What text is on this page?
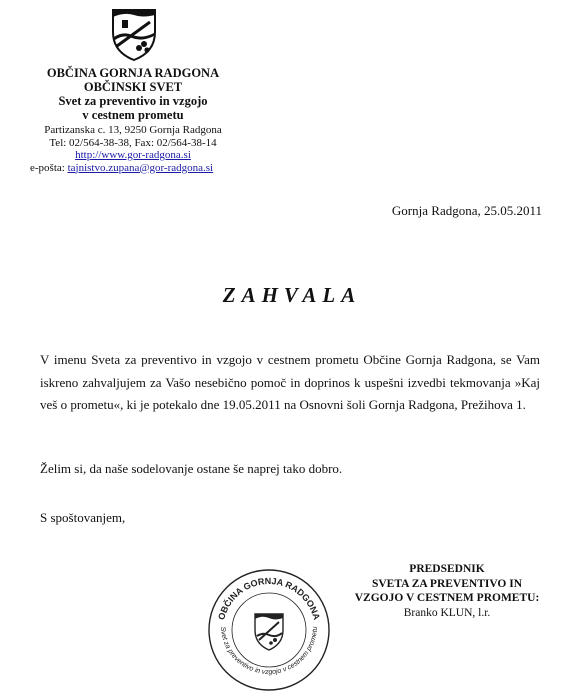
OBČINA GORNJA RADGONA
OBČINSKI SVET
Svet za preventivo in vzgojo
v cestnem prometu
Partizanska c. 13, 9250 Gornja Radgona
Tel: 02/564-38-38, Fax: 02/564-38-14
http://www.gor-radgona.si
e-pošta: tajnistvo.zupana@gor-radgona.si
Gornja Radgona, 25.05.2011
ZAHVALA
V imenu Sveta za preventivo in vzgojo v cestnem prometu Občine Gornja Radgona, se Vam iskreno zahvaljujem za Vašo nesebično pomoč in doprinos k uspešni izvedbi tekmovanja »Kaj veš o prometu«, ki je potekalo dne 19.05.2011 na Osnovni šoli Gornja Radgona, Prežihova 1.
Želim si, da naše sodelovanje ostane še naprej tako dobro.
S spoštovanjem,
OBČINA GORNJA RADGONA
Svet za preventivo in vzgojo v cestnem prometu
PREDSEDNIK
SVETA ZA PREVENTIVO IN
VZGOJO V CESTNEM PROMETU:
Branko KLUN, l.r.
